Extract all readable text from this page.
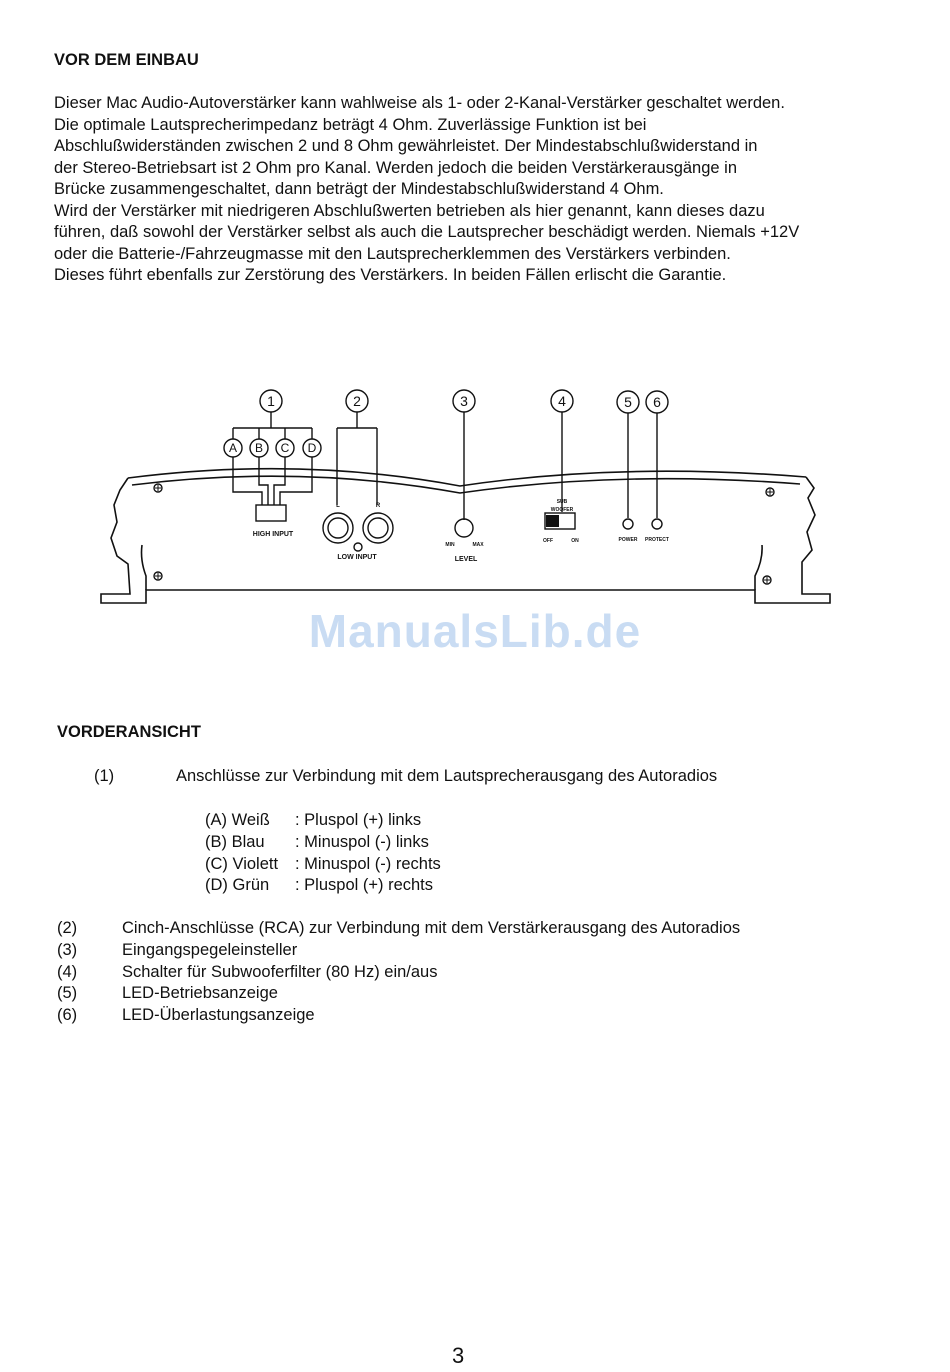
VOR DEM EINBAU
Dieser Mac Audio-Autoverstärker kann wahlweise als 1- oder 2-Kanal-Verstärker geschaltet werden.
Die optimale Lautsprecherimpedanz beträgt 4 Ohm. Zuverlässige Funktion ist bei
Abschlußwiderständen zwischen 2 und 8 Ohm gewährleistet. Der Mindestabschlußwiderstand in
der Stereo-Betriebsart ist 2 Ohm pro Kanal. Werden jedoch die beiden Verstärkerausgänge in
Brücke zusammengeschaltet, dann beträgt der Mindestabschlußwiderstand 4 Ohm.
Wird der Verstärker mit niedrigeren Abschlußwerten betrieben als hier genannt, kann dieses dazu
führen, daß sowohl der Verstärker selbst als auch die Lautsprecher beschädigt werden. Niemals +12V
oder die Batterie-/Fahrzeugmasse mit den Lautsprecherklemmen des Verstärkers verbinden.
Dieses führt ebenfalls zur Zerstörung des Verstärkers. In beiden Fällen erlischt die Garantie.
1	2	3	4	5 6
A B C D
HIGH INPUT
LOW INPUT	LEVEL
L	R
MIN	MAX
SUB
WOOFER
OFF	ON	POWER PROTECT
ManualsLib.de
VORDERANSICHT
(1)	Anschlüsse zur Verbindung mit dem Lautsprecherausgang des Autoradios
(A) Weiß : Pluspol (+) links
(B) Blau : Minuspol (-) links
(C) Violett : Minuspol (-) rechts
(D) Grün : Pluspol (+) rechts
(2)	Cinch-Anschlüsse (RCA) zur Verbindung mit dem Verstärkerausgang des Autoradios
(3)	Eingangspegeleinsteller
(4)	Schalter für Subwooferfilter (80 Hz) ein/aus
(5)	LED-Betriebsanzeige
(6)	LED-Überlastungsanzeige
3
